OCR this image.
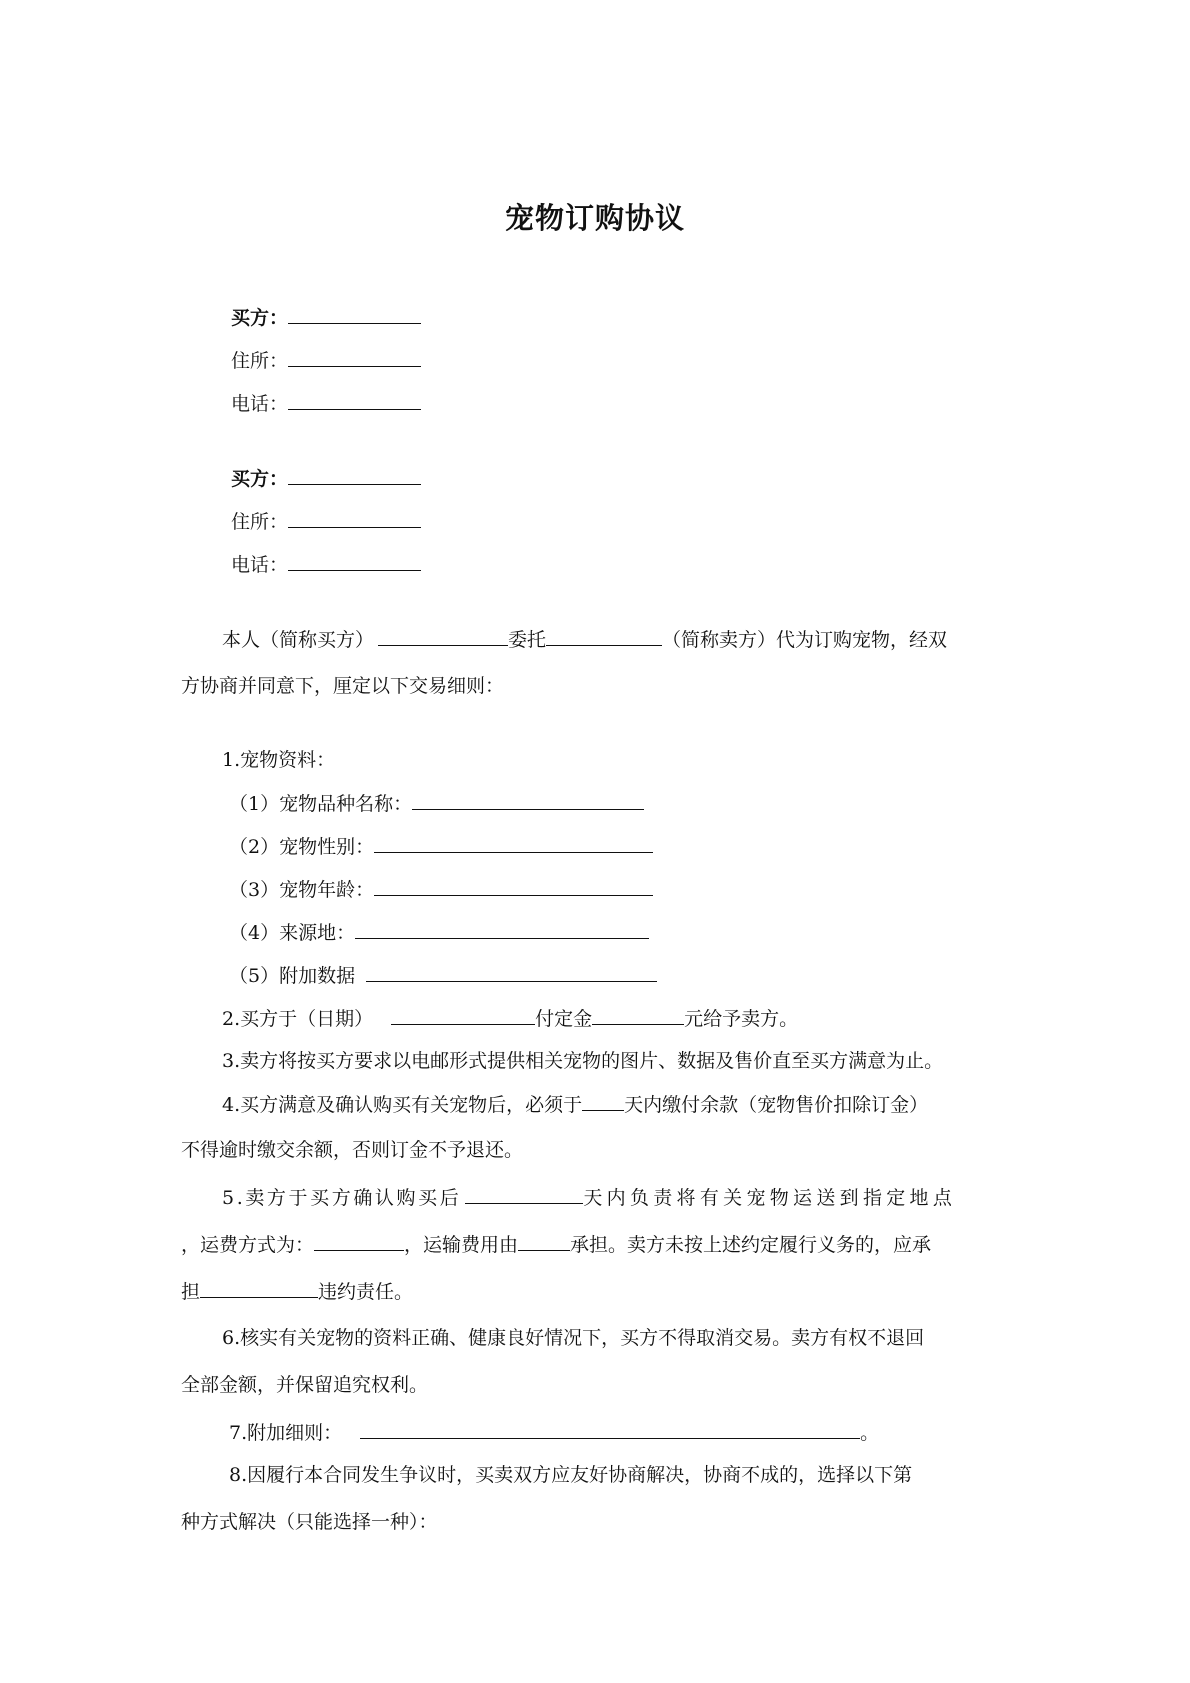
宠物订购协议
买方：
住所：
电话：
买方：
住所：
电话：
本人（简称买方）	委托	（简称卖方）代为订购宠物，经双
方协商并同意下，厘定以下交易细则：
1.宠物资料：
（1）宠物品种名称：
（2）宠物性别：
（3）宠物年龄：
（4）来源地：
（5）附加数据
2.买方于（日期）	付定金	元给予卖方。
3.卖方将按买方要求以电邮形式提供相关宠物的图片、数据及售价直至买方满意为止。
4.买方满意及确认购买有关宠物后，必须于 天内缴付余款（宠物售价扣除订金）
不得逾时缴交余额，否则订金不予退还。
5.卖方于买方确认购买后	天内负责将有关宠物运送到指定地点
，运费方式为：	，运输费用由	承担。卖方未按上述约定履行义务的，应承
担	违约责任。
6.核实有关宠物的资料正确、健康良好情况下，买方不得取消交易。卖方有权不退回
全部金额，并保留追究权利。
7.附加细则：	。
8.因履行本合同发生争议时，买卖双方应友好协商解决，协商不成的，选择以下第
种方式解决（只能选择一种）：
